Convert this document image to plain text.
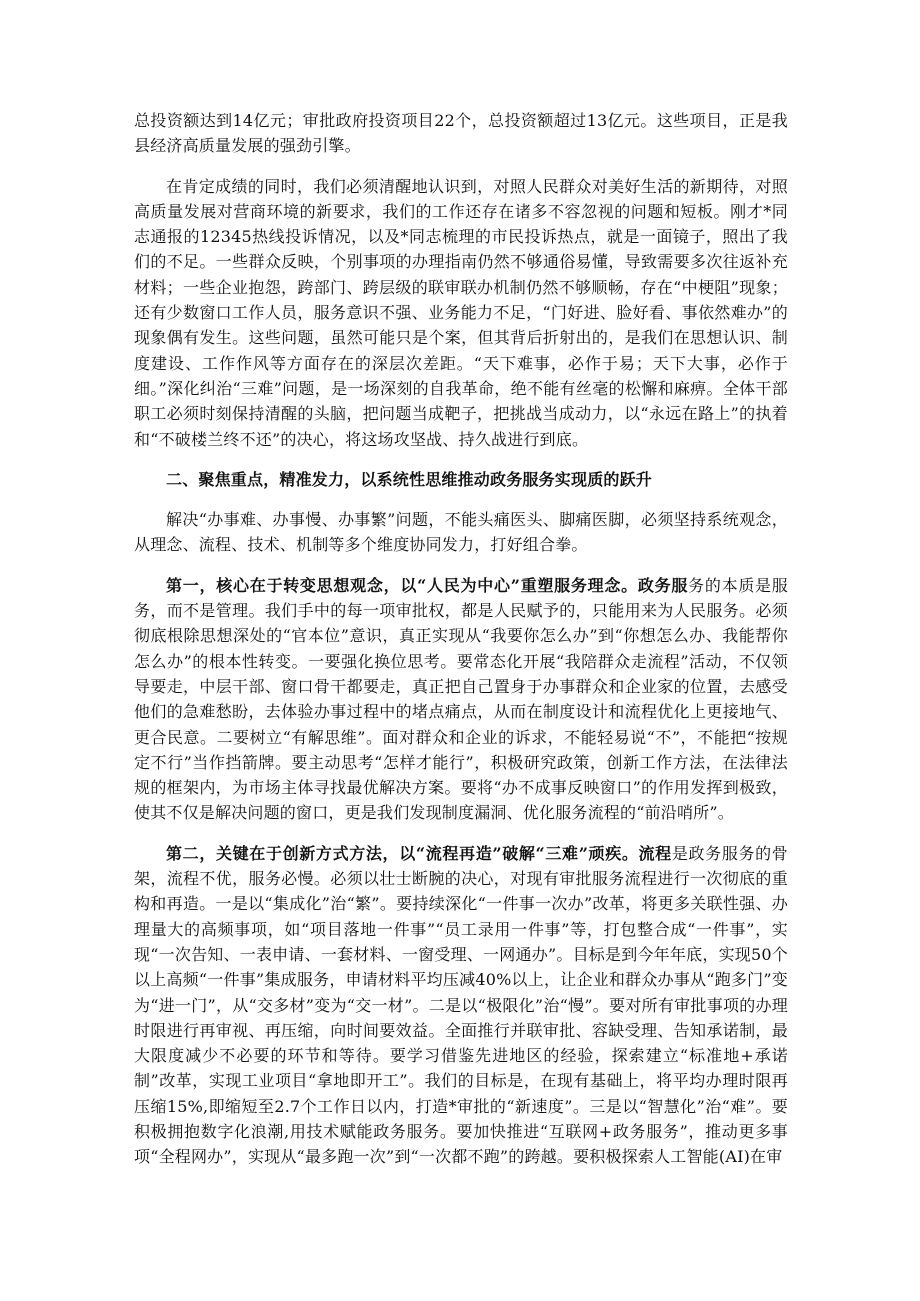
总投资额达到14亿元；审批政府投资项目22个，总投资额超过13亿元。这些项目，正是我县经济高质量发展的强劲引擎。

在肯定成绩的同时，我们必须清醒地认识到，对照人民群众对美好生活的新期待，对照高质量发展对营商环境的新要求，我们的工作还存在诸多不容忽视的问题和短板。刚才*同志通报的12345热线投诉情况，以及*同志梳理的市民投诉热点，就是一面镜子，照出了我们的不足。一些群众反映，个别事项的办理指南仍然不够通俗易懂，导致需要多次往返补充材料；一些企业抱怨，跨部门、跨层级的联审联办机制仍然不够顺畅，存在“中梗阻”现象；还有少数窗口工作人员，服务意识不强、业务能力不足，“门好进、脸好看、事依然难办”的现象偶有发生。这些问题，虽然可能只是个案，但其背后折射出的，是我们在思想认识、制度建设、工作作风等方面存在的深层次差距。“天下难事，必作于易；天下大事，必作于细。”深化纠治“三难”问题，是一场深刻的自我革命，绝不能有丝毫的松懈和麻痹。全体干部职工必须时刻保持清醒的头脑，把问题当成靶子，把挑战当成动力，以“永远在路上”的执着和“不破楼兰终不还”的决心，将这场攻坚战、持久战进行到底。

二、聚焦重点，精准发力，以系统性思维推动政务服务实现质的跃升

解决“办事难、办事慢、办事繁”问题，不能头痛医头、脚痛医脚，必须坚持系统观念，从理念、流程、技术、机制等多个维度协同发力，打好组合拳。

第一，核心在于转变思想观念，以“人民为中心”重塑服务理念。政务服务的本质是服务，而不是管理。我们手中的每一项审批权，都是人民赋予的，只能用来为人民服务。必须彻底根除思想深处的“官本位”意识，真正实现从“我要你怎么办”到“你想怎么办、我能帮你怎么办”的根本性转变。一要强化换位思考。要常态化开展“我陪群众走流程”活动，不仅领导要走，中层干部、窗口骨干都要走，真正把自己置身于办事群众和企业家的位置，去感受他们的急难愁盼，去体验办事过程中的堵点痛点，从而在制度设计和流程优化上更接地气、更合民意。二要树立“有解思维”。面对群众和企业的诉求，不能轻易说“不”，不能把“按规定不行”当作挡箭牌。要主动思考“怎样才能行”，积极研究政策，创新工作方法，在法律法规的框架内，为市场主体寻找最优解决方案。要将“办不成事反映窗口”的作用发挥到极致，使其不仅是解决问题的窗口，更是我们发现制度漏洞、优化服务流程的“前沿哨所”。

第二，关键在于创新方式方法，以“流程再造”破解“三难”顽疾。流程是政务服务的骨架，流程不优，服务必慢。必须以壮士断腕的决心，对现有审批服务流程进行一次彻底的重构和再造。一是以“集成化”治“繁”。要持续深化“一件事一次办”改革，将更多关联性强、办理量大的高频事项，如“项目落地一件事”“员工录用一件事”等，打包整合成“一件事”，实现“一次告知、一表申请、一套材料、一窗受理、一网通办”。目标是到今年年底，实现50个以上高频“一件事”集成服务，申请材料平均压减40%以上，让企业和群众办事从“跑多门”变为“进一门”，从“交多材”变为“交一材”。二是以“极限化”治“慢”。要对所有审批事项的办理时限进行再审视、再压缩，向时间要效益。全面推行并联审批、容缺受理、告知承诺制，最大限度减少不必要的环节和等待。要学习借鉴先进地区的经验，探索建立“标准地+承诺制”改革，实现工业项目“拿地即开工”。我们的目标是，在现有基础上，将平均办理时限再压缩15%,即缩短至2.7个工作日以内，打造*审批的“新速度”。三是以“智慧化”治“难”。要积极拥抱数字化浪潮,用技术赋能政务服务。要加快推进“互联网+政务服务”，推动更多事项“全程网办”，实现从“最多跑一次”到“一次都不跑”的跨越。要积极探索人工智能(AI)在审
